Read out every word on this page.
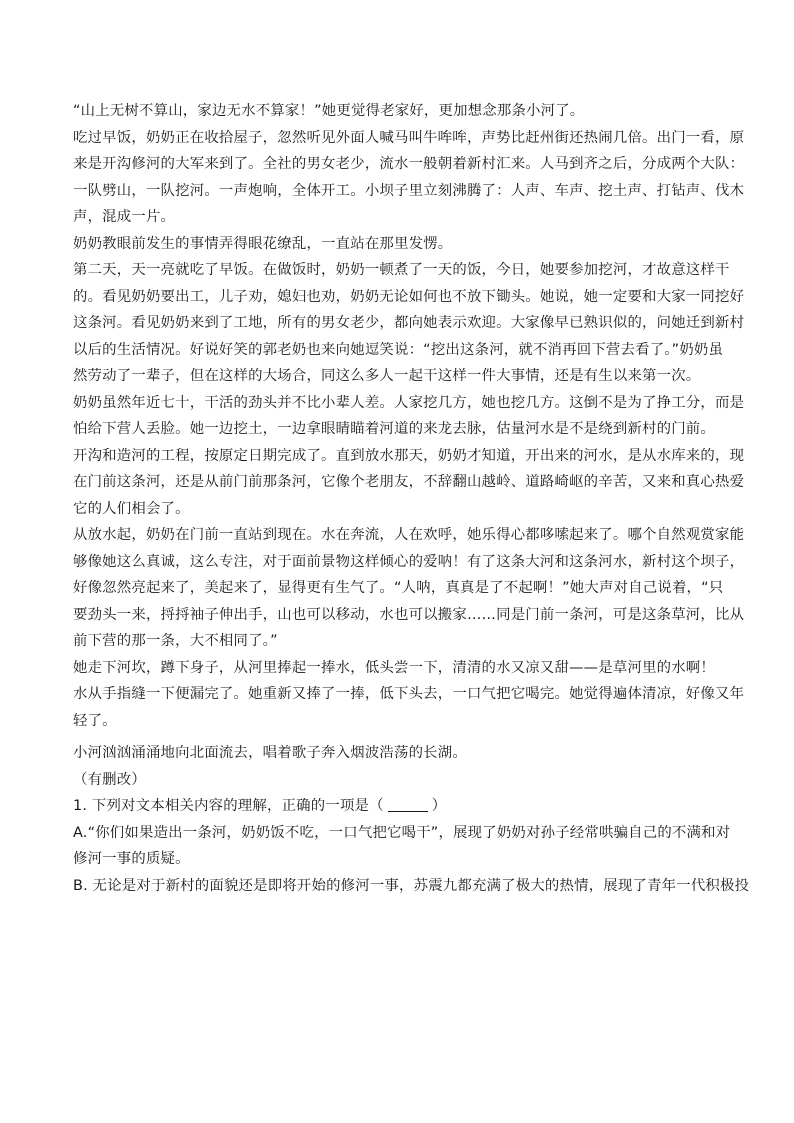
“山上无树不算山，家边无水不算家！”她更觉得老家好，更加想念那条小河了。

吃过早饭，奶奶正在收拾屋子，忽然听见外面人喊马叫牛哞哞，声势比赶州街还热闹几倍。出门一看，原
来是开沟修河的大军来到了。全社的男女老少，流水一般朝着新村汇来。人马到齐之后，分成两个大队：
一队劈山，一队挖河。一声炮响，全体开工。小坝子里立刻沸腾了：人声、车声、挖土声、打钻声、伐木
声，混成一片。

奶奶教眼前发生的事情弄得眼花缭乱，一直站在那里发愣。

第二天，天一亮就吃了早饭。在做饭时，奶奶一顿煮了一天的饭，今日，她要参加挖河，才故意这样干
的。看见奶奶要出工，儿子劝，媳妇也劝，奶奶无论如何也不放下锄头。她说，她一定要和大家一同挖好
这条河。看见奶奶来到了工地，所有的男女老少，都向她表示欢迎。大家像早已熟识似的，问她迁到新村
以后的生活情况。好说好笑的郭老奶也来向她逗笑说：“挖出这条河，就不消再回下营去看了。”奶奶虽
然劳动了一辈子，但在这样的大场合，同这么多人一起干这样一件大事情，还是有生以来第一次。

奶奶虽然年近七十，干活的劲头并不比小辈人差。人家挖几方，她也挖几方。这倒不是为了挣工分，而是
怕给下营人丢脸。她一边挖土，一边拿眼睛瞄着河道的来龙去脉，估量河水是不是绕到新村的门前。

开沟和造河的工程，按原定日期完成了。直到放水那天，奶奶才知道，开出来的河水，是从水库来的，现
在门前这条河，还是从前门前那条河，它像个老朋友，不辞翻山越岭、道路崎岖的辛苦，又来和真心热爱
它的人们相会了。

从放水起，奶奶在门前一直站到现在。水在奔流，人在欢呼，她乐得心都哆嗦起来了。哪个自然观赏家能
够像她这么真诚，这么专注，对于面前景物这样倾心的爱呐！有了这条大河和这条河水，新村这个坝子，
好像忽然亮起来了，美起来了，显得更有生气了。“人呐，真真是了不起啊！”她大声对自己说着，“只
要劲头一来，捋捋袖子伸出手，山也可以移动，水也可以搬家……同是门前一条河，可是这条草河，比从
前下营的那一条，大不相同了。”

她走下河坎，蹲下身子，从河里捧起一捧水，低头尝一下，清清的水又凉又甜——是草河里的水啊！

水从手指缝一下便漏完了。她重新又捧了一捧，低下头去，一口气把它喝完。她觉得遍体清凉，好像又年
轻了。

小河汹汹涌涌地向北面流去，唱着歌子奔入烟波浩荡的长湖。

（有删改）

1. 下列对文本相关内容的理解，正确的一项是（	）

A.“你们如果造出一条河，奶奶饭不吃，一口气把它喝干”，展现了奶奶对孙子经常哄骗自己的不满和对
修河一事的质疑。

B. 无论是对于新村的面貌还是即将开始的修河一事，苏震九都充满了极大的热情，展现了青年一代积极投
